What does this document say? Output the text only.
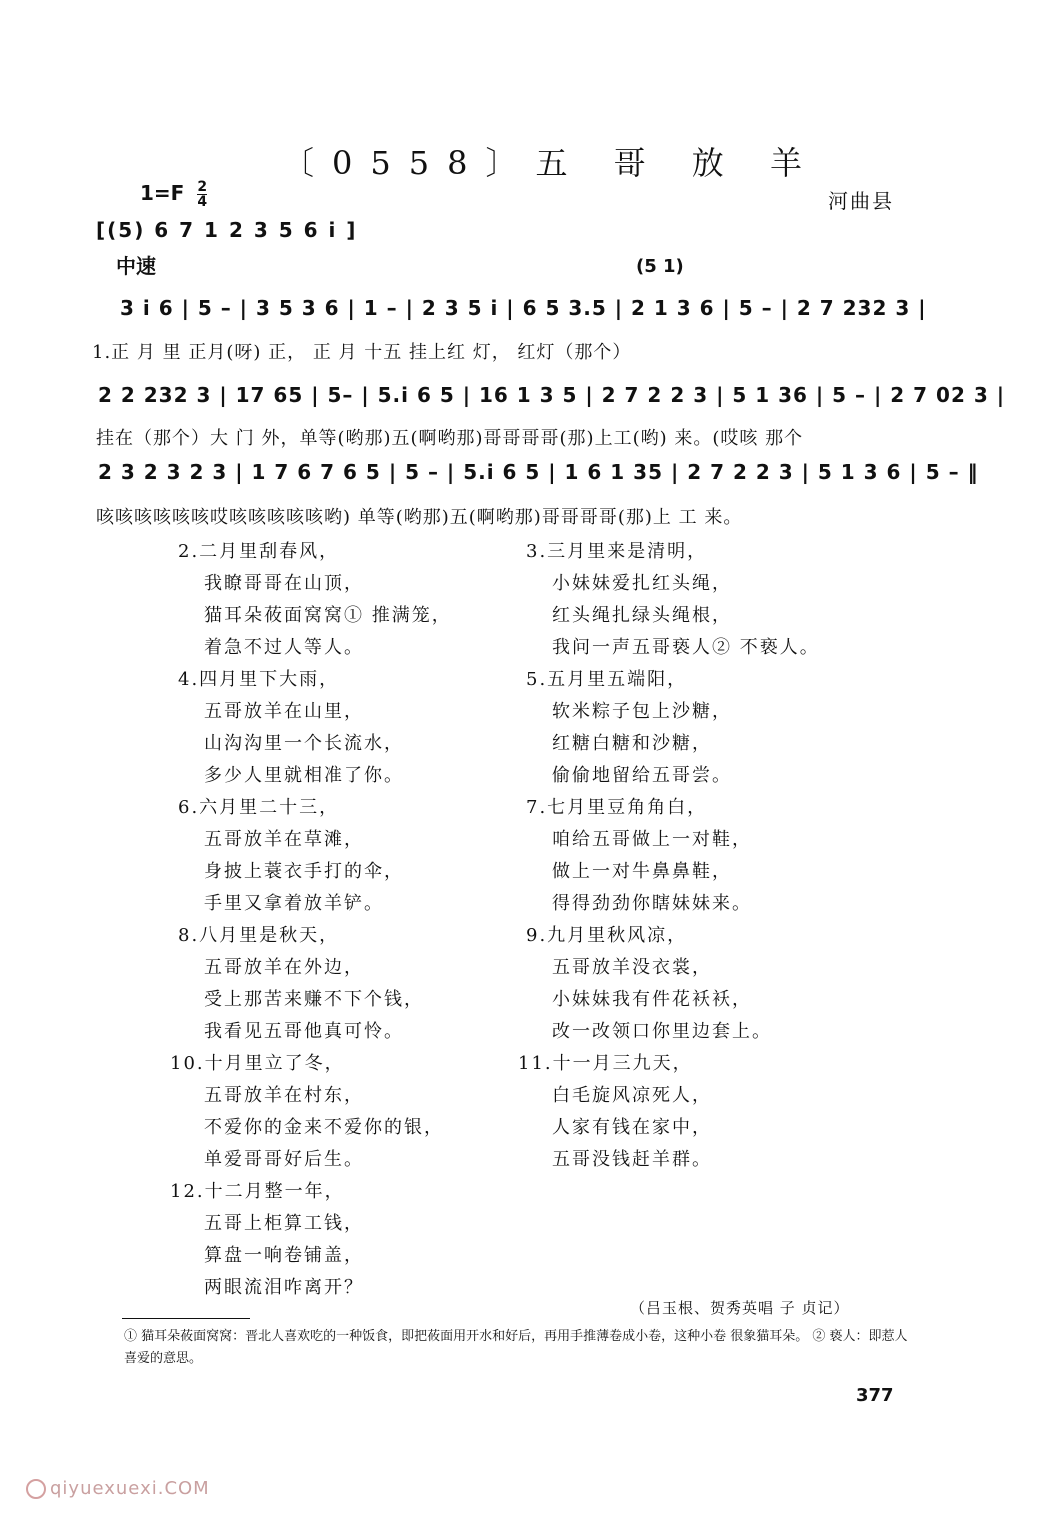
〔0558〕五 哥 放 羊
$1=F \frac{2}{4}$	河曲县
[(5) 6 7 1 2 3 5 6 i ]
中速	(5 1)
3 i 6 | 5 – | 3 5 3 6 | 1 – | 2 3 5 i | 6 5 3.5 | 2 1 3 6 | 5 – | 2 7 232 3 |
1.正 月 里 正月(呀) 正， 正 月 十五 挂上红 灯， 红灯（那个）
2 2 232 3 | 17 65 | 5– | 5.i 6 5 | 16 1 3 5 | 2 7 2 2 3 | 5 1 36 | 5 – | 2 7 02 3 |
挂在（那个）大 门 外，单等(哟那)五(啊哟那)哥哥哥哥(那)上工(哟) 来。(哎咳 那个
2 3 2 3 2 3 | 1 7 6 7 6 5 | 5 – | 5.i 6 5 | 1 6 1 35 | 2 7 2 2 3 | 5 1 3 6 | 5 – ‖
咳咳咳咳咳咳哎咳咳咳咳咳哟) 单等(哟那)五(啊哟那)哥哥哥哥(那)上 工 来。
2.二月里刮春风，
我瞭哥哥在山顶，
猫耳朵莜面窝窝① 推满笼，
着急不过人等人。
4.四月里下大雨，
五哥放羊在山里，
山沟沟里一个长流水，
多少人里就相准了你。
6.六月里二十三，
五哥放羊在草滩，
身披上蓑衣手打的伞，
手里又拿着放羊铲。
8.八月里是秋天，
五哥放羊在外边，
受上那苦来赚不下个钱，
我看见五哥他真可怜。
10.十月里立了冬，
五哥放羊在村东，
不爱你的金来不爱你的银，
单爱哥哥好后生。
12.十二月整一年，
五哥上柜算工钱，
算盘一响卷铺盖，
两眼流泪咋离开？
3.三月里来是清明，
小妹妹爱扎红头绳，
红头绳扎绿头绳根，
我问一声五哥亵人② 不亵人。
5.五月里五端阳，
软米粽子包上沙糖，
红糖白糖和沙糖，
偷偷地留给五哥尝。
7.七月里豆角角白，
咱给五哥做上一对鞋，
做上一对牛鼻鼻鞋，
得得劲劲你瞎妹妹来。
9.九月里秋风凉，
五哥放羊没衣裳，
小妹妹我有件花袄袄，
改一改领口你里边套上。
11.十一月三九天，
白毛旋风凉死人，
人家有钱在家中，
五哥没钱赶羊群。
（吕玉根、贺秀英唱 子 贞记）
① 猫耳朵莜面窝窝：晋北人喜欢吃的一种饭食，即把莜面用开水和好后，再用手推薄卷成小卷，这种小卷 很象猫耳朵。 ② 亵人：即惹人喜爱的意思。
377
qiyuexuexi.COM
